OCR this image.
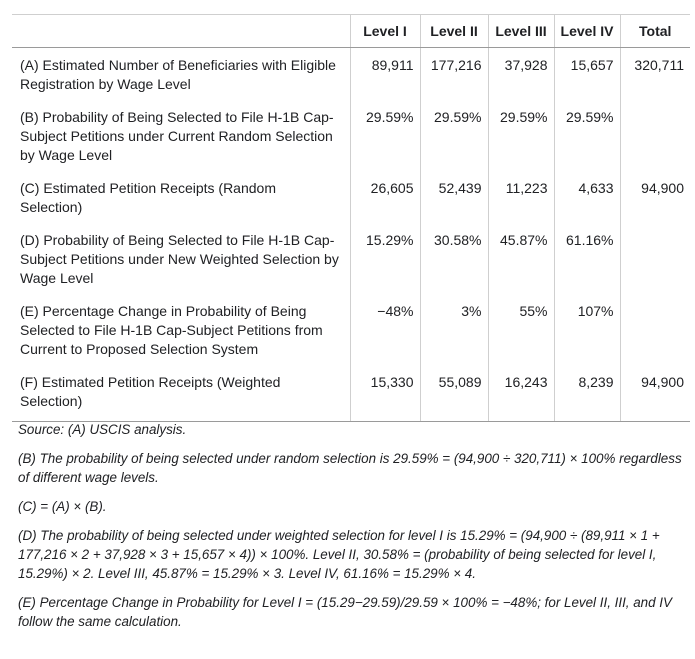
	Level I	Level II	Level III	Level IV	Total
(A) Estimated Number of Beneficiaries with Eligible Registration by Wage Level	89,911	177,216	37,928	15,657	320,711
(B) Probability of Being Selected to File H-1B Cap-Subject Petitions under Current Random Selection by Wage Level	29.59%	29.59%	29.59%	29.59%	
(C) Estimated Petition Receipts (Random Selection)	26,605	52,439	11,223	4,633	94,900
(D) Probability of Being Selected to File H-1B Cap-Subject Petitions under New Weighted Selection by Wage Level	15.29%	30.58%	45.87%	61.16%	
(E) Percentage Change in Probability of Being Selected to File H-1B Cap-Subject Petitions from Current to Proposed Selection System	−48%	3%	55%	107%	
(F) Estimated Petition Receipts (Weighted Selection)	15,330	55,089	16,243	8,239	94,900

Source: (A) USCIS analysis.

(B) The probability of being selected under random selection is 29.59% = (94,900 ÷ 320,711) × 100% regardless of different wage levels.

(C) = (A) × (B).

(D) The probability of being selected under weighted selection for level I is 15.29% = (94,900 ÷ (89,911 × 1 + 177,216 × 2 + 37,928 × 3 + 15,657 × 4)) × 100%. Level II, 30.58% = (probability of being selected for level I, 15.29%) × 2. Level III, 45.87% = 15.29% × 3. Level IV, 61.16% = 15.29% × 4.

(E) Percentage Change in Probability for Level I = (15.29−29.59)/29.59 × 100% = −48%; for Level II, III, and IV follow the same calculation.
